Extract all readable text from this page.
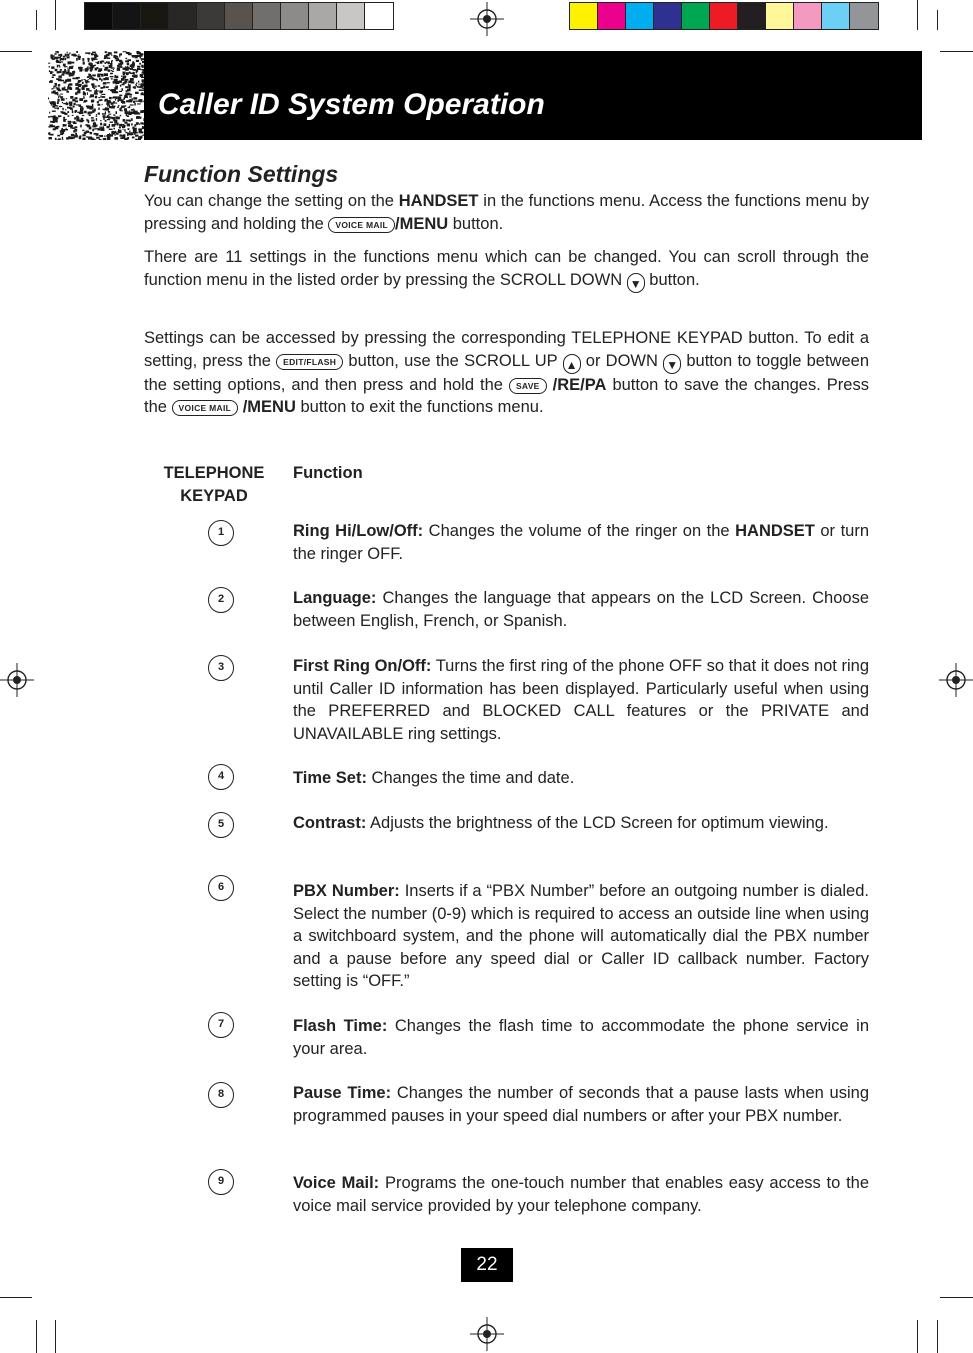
Caller ID System Operation
Function Settings

You can change the setting on the HANDSET in the functions menu. Access the functions menu by pressing and holding the VOICE MAIL /MENU button.

There are 11 settings in the functions menu which can be changed. You can scroll through the function menu in the listed order by pressing the SCROLL DOWN ▼ button.

Settings can be accessed by pressing the corresponding TELEPHONE KEYPAD button. To edit a setting, press the EDIT/FLASH button, use the SCROLL UP ▲ or DOWN ▼ button to toggle between the setting options, and then press and hold the SAVE /RE/PA button to save the changes. Press the VOICE MAIL /MENU button to exit the functions menu.

TELEPHONE
KEYPAD
Function
1	Ring Hi/Low/Off: Changes the volume of the ringer on the HANDSET or turn the ringer OFF.

2	Language: Changes the language that appears on the LCD Screen. Choose between English, French, or Spanish.

3	First Ring On/Off: Turns the first ring of the phone OFF so that it does not ring until Caller ID information has been displayed. Particularly useful when using the PREFERRED and BLOCKED CALL features or the PRIVATE and UNAVAILABLE ring settings.

4	Time Set: Changes the time and date.

5	Contrast: Adjusts the brightness of the LCD Screen for optimum viewing.

6	PBX Number: Inserts if a “PBX Number” before an outgoing number is dialed. Select the number (0-9) which is required to access an outside line when using a switchboard system, and the phone will automatically dial the PBX number and a pause before any speed dial or Caller ID callback number. Factory setting is “OFF.”

7	Flash Time: Changes the flash time to accommodate the phone service in your area.

8	Pause Time: Changes the number of seconds that a pause lasts when using programmed pauses in your speed dial numbers or after your PBX number.

9	Voice Mail: Programs the one-touch number that enables easy access to the voice mail service provided by your telephone company.

22
